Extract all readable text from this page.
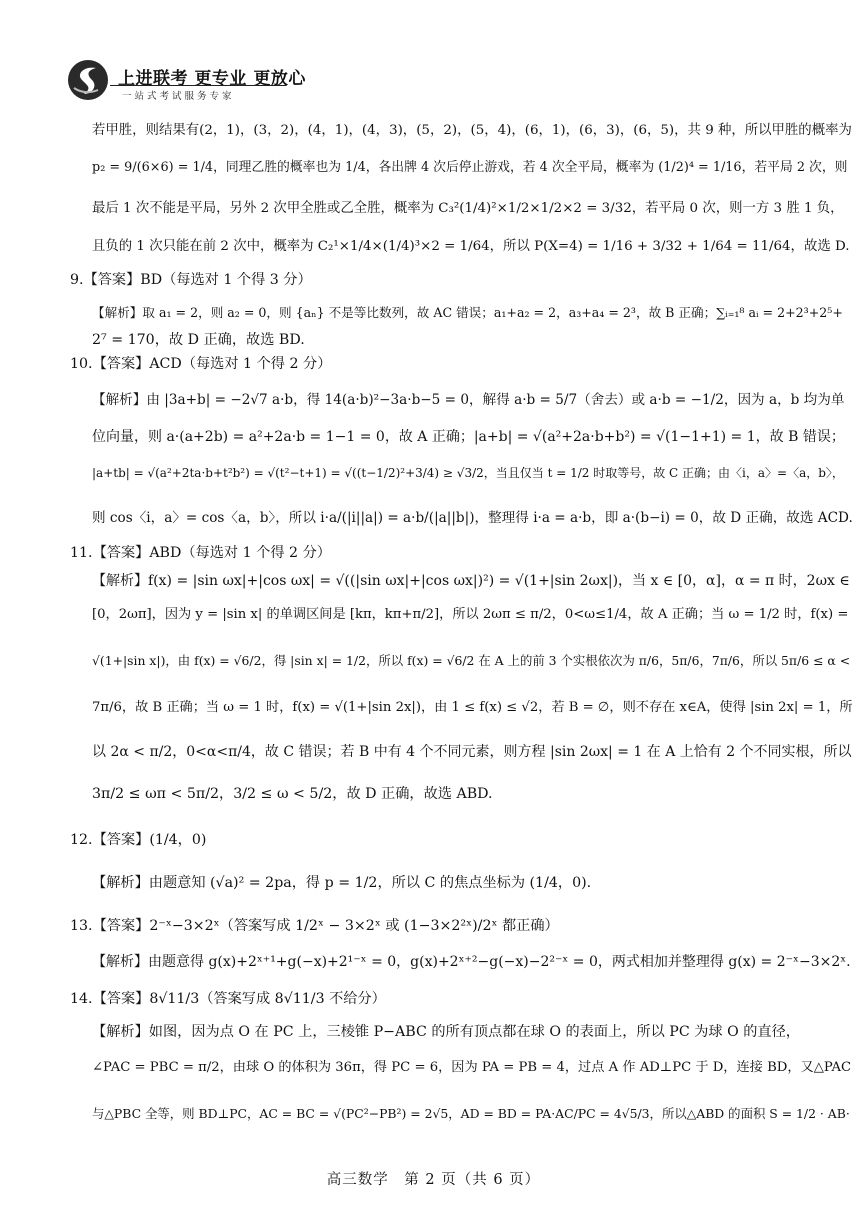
上进联考 更专业 更放心
一站式考试服务专家
若甲胜，则结果有(2，1)，(3，2)，(4，1)，(4，3)，(5，2)，(5，4)，(6，1)，(6，3)，(6，5)，共 9 种，所以甲胜的概率为
p₂ = 9/(6×6) = 1/4，同理乙胜的概率也为 1/4，各出牌 4 次后停止游戏，若 4 次全平局，概率为 (1/2)⁴ = 1/16，若平局 2 次，则
最后 1 次不能是平局，另外 2 次甲全胜或乙全胜，概率为 C₃²(1/4)²×1/2×1/2×2 = 3/32，若平局 0 次，则一方 3 胜 1 负，
且负的 1 次只能在前 2 次中，概率为 C₂¹×1/4×(1/4)³×2 = 1/64，所以 P(X=4) = 1/16 + 3/32 + 1/64 = 11/64，故选 D.
9.【答案】BD（每选对 1 个得 3 分）
【解析】取 a₁ = 2，则 a₂ = 0，则 {aₙ} 不是等比数列，故 AC 错误；a₁+a₂ = 2，a₃+a₄ = 2³，故 B 正确；∑ᵢ₌₁⁸ aᵢ = 2+2³+2⁵+
2⁷ = 170，故 D 正确，故选 BD.
10.【答案】ACD（每选对 1 个得 2 分）
【解析】由 |3a+b| = −2√7 a·b，得 14(a·b)²−3a·b−5 = 0，解得 a·b = 5/7（舍去）或 a·b = −1/2，因为 a，b 均为单
位向量，则 a·(a+2b) = a²+2a·b = 1−1 = 0，故 A 正确；|a+b| = √(a²+2a·b+b²) = √(1−1+1) = 1，故 B 错误；
|a+tb| = √(a²+2ta·b+t²b²) = √(t²−t+1) = √((t−1/2)²+3/4) ≥ √3/2，当且仅当 t = 1/2 时取等号，故 C 正确；由〈i，a〉=〈a，b〉，
则 cos〈i，a〉= cos〈a，b〉，所以 i·a/(|i||a|) = a·b/(|a||b|)，整理得 i·a = a·b，即 a·(b−i) = 0，故 D 正确，故选 ACD.
11.【答案】ABD（每选对 1 个得 2 分）
【解析】f(x) = |sin ωx|+|cos ωx| = √((|sin ωx|+|cos ωx|)²) = √(1+|sin 2ωx|)，当 x ∈ [0，α]，α = π 时，2ωx ∈
[0，2ωπ]，因为 y = |sin x| 的单调区间是 [kπ，kπ+π/2]，所以 2ωπ ≤ π/2，0<ω≤1/4，故 A 正确；当 ω = 1/2 时，f(x) =
√(1+|sin x|)，由 f(x) = √6/2，得 |sin x| = 1/2，所以 f(x) = √6/2 在 A 上的前 3 个实根依次为 π/6，5π/6，7π/6，所以 5π/6 ≤ α <
7π/6，故 B 正确；当 ω = 1 时，f(x) = √(1+|sin 2x|)，由 1 ≤ f(x) ≤ √2，若 B = ∅，则不存在 x∈A，使得 |sin 2x| = 1，所
以 2α < π/2，0<α<π/4，故 C 错误；若 B 中有 4 个不同元素，则方程 |sin 2ωx| = 1 在 A 上恰有 2 个不同实根，所以
3π/2 ≤ ωπ < 5π/2，3/2 ≤ ω < 5/2，故 D 正确，故选 ABD.
12.【答案】(1/4，0)
【解析】由题意知 (√a)² = 2pa，得 p = 1/2，所以 C 的焦点坐标为 (1/4，0).
13.【答案】2⁻ˣ−3×2ˣ（答案写成 1/2ˣ − 3×2ˣ 或 (1−3×2²ˣ)/2ˣ 都正确）
【解析】由题意得 g(x)+2ˣ⁺¹+g(−x)+2¹⁻ˣ = 0，g(x)+2ˣ⁺²−g(−x)−2²⁻ˣ = 0，两式相加并整理得 g(x) = 2⁻ˣ−3×2ˣ.
14.【答案】8√11/3（答案写成 8√11/3 不给分）
【解析】如图，因为点 O 在 PC 上，三棱锥 P−ABC 的所有顶点都在球 O 的表面上，所以 PC 为球 O 的直径，
∠PAC = PBC = π/2，由球 O 的体积为 36π，得 PC = 6，因为 PA = PB = 4，过点 A 作 AD⊥PC 于 D，连接 BD，又△PAC
与△PBC 全等，则 BD⊥PC，AC = BC = √(PC²−PB²) = 2√5，AD = BD = PA·AC/PC = 4√5/3，所以△ABD 的面积 S = 1/2 · AB·
高三数学　第 2 页（共 6 页）
